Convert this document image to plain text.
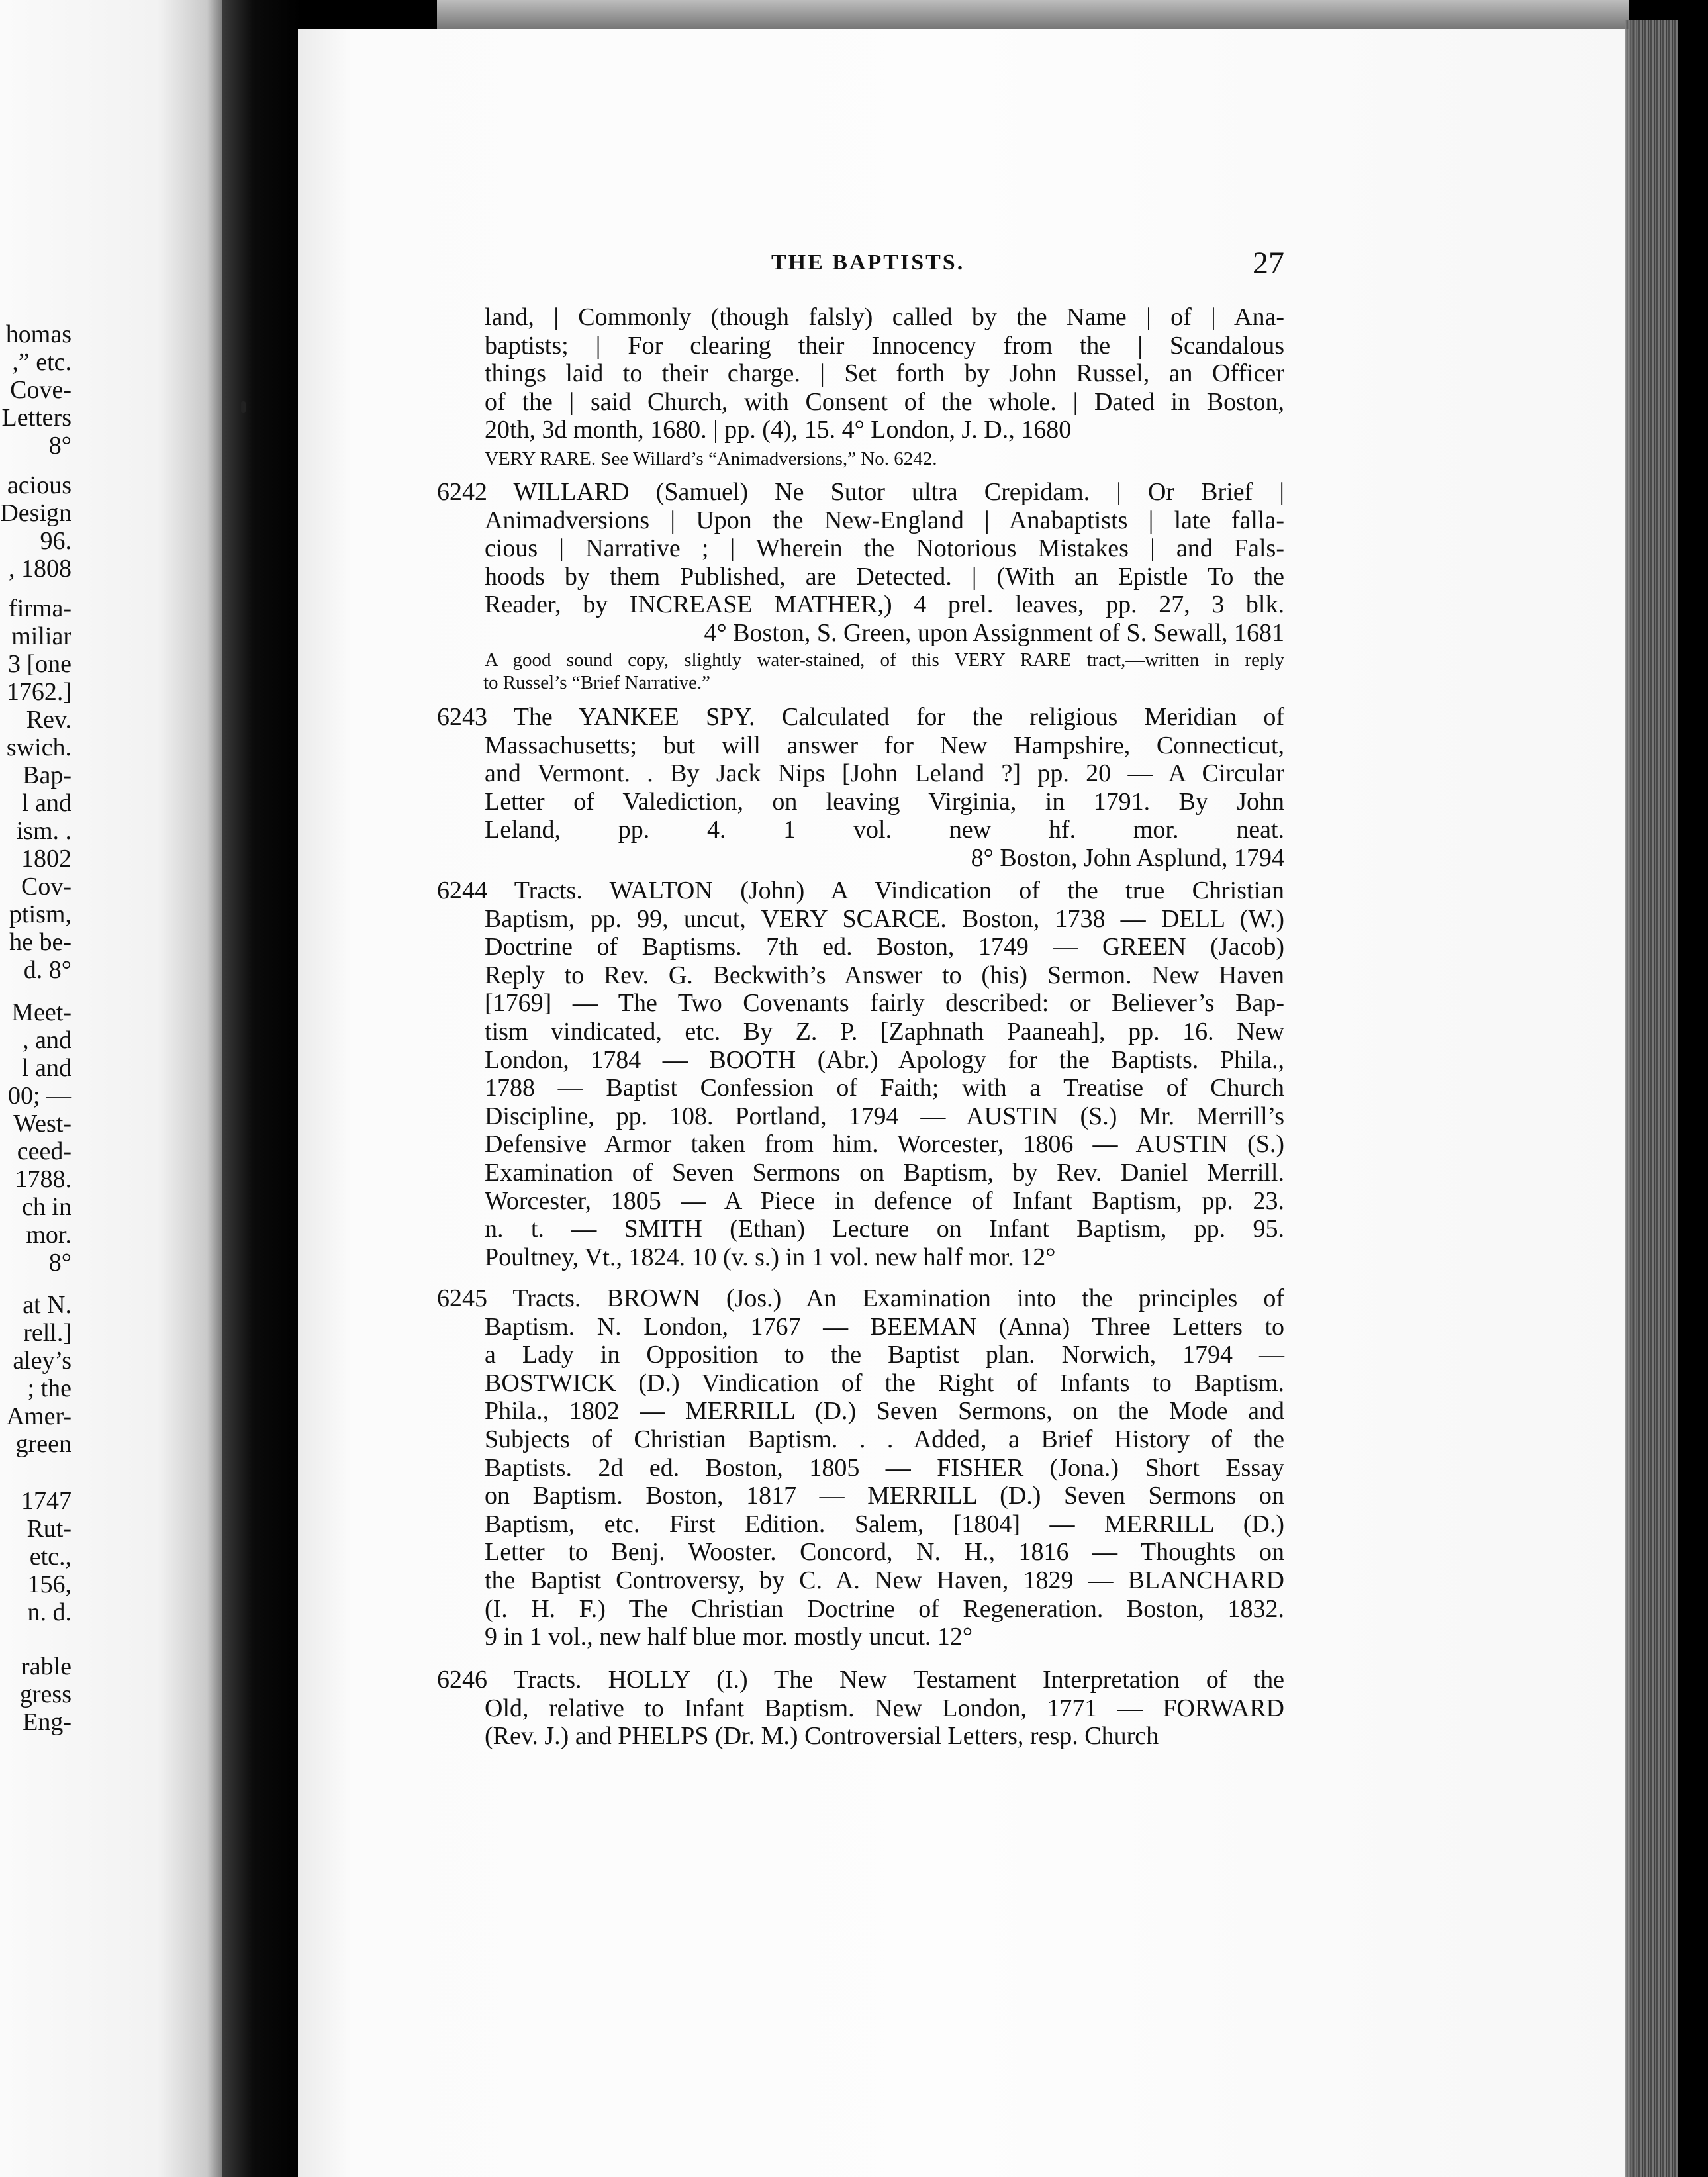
homas
,” etc.
Cove-
Letters
8°
acious
Design
96.
, 1808
firma-
miliar
3 [one
1762.]
Rev.
swich.
Bap-
l and
ism. .
1802
Cov-
ptism,
he be-
d. 8°
Meet-
, and
l and
00; —
West-
ceed-
1788.
ch in
mor.
8°
at N.
rell.]
aley’s
; the
Amer-
green
1747
Rut-
etc.,
156,
n. d.
rable
gress
Eng-
THE BAPTISTS.	27
land, | Commonly (though falsly) called by the Name | of | Ana-
baptists; | For clearing their Innocency from the | Scandalous
things laid to their charge. | Set forth by John Russel, an Officer
of the | said Church, with Consent of the whole. | Dated in Boston,
20th, 3d month, 1680. | pp. (4), 15. 4° London, J. D., 1680
VERY RARE. See Willard’s “Animadversions,” No. 6242.
6242 WILLARD (Samuel) Ne Sutor ultra Crepidam. | Or Brief |
Animadversions | Upon the New-England | Anabaptists | late falla-
cious | Narrative ; | Wherein the Notorious Mistakes | and Fals-
hoods by them Published, are Detected. | (With an Epistle To the
Reader, by INCREASE MATHER,) 4 prel. leaves, pp. 27, 3 blk.
4° Boston, S. Green, upon Assignment of S. Sewall, 1681
A good sound copy, slightly water-stained, of this VERY RARE tract,—written in reply
to Russel’s “Brief Narrative.”
6243 The YANKEE SPY. Calculated for the religious Meridian of
Massachusetts; but will answer for New Hampshire, Connecticut,
and Vermont. . By Jack Nips [John Leland ?] pp. 20 — A Circular
Letter of Valediction, on leaving Virginia, in 1791. By John
Leland, pp. 4. 1 vol. new hf. mor. neat.
8° Boston, John Asplund, 1794
6244 Tracts. WALTON (John) A Vindication of the true Christian
Baptism, pp. 99, uncut, VERY SCARCE. Boston, 1738 — DELL (W.)
Doctrine of Baptisms. 7th ed. Boston, 1749 — GREEN (Jacob)
Reply to Rev. G. Beckwith’s Answer to (his) Sermon. New Haven
[1769] — The Two Covenants fairly described: or Believer’s Bap-
tism vindicated, etc. By Z. P. [Zaphnath Paaneah], pp. 16. New
London, 1784 — BOOTH (Abr.) Apology for the Baptists. Phila.,
1788 — Baptist Confession of Faith; with a Treatise of Church
Discipline, pp. 108. Portland, 1794 — AUSTIN (S.) Mr. Merrill’s
Defensive Armor taken from him. Worcester, 1806 — AUSTIN (S.)
Examination of Seven Sermons on Baptism, by Rev. Daniel Merrill.
Worcester, 1805 — A Piece in defence of Infant Baptism, pp. 23.
n. t. — SMITH (Ethan) Lecture on Infant Baptism, pp. 95.
Poultney, Vt., 1824. 10 (v. s.) in 1 vol. new half mor. 12°
6245 Tracts. BROWN (Jos.) An Examination into the principles of
Baptism. N. London, 1767 — BEEMAN (Anna) Three Letters to
a Lady in Opposition to the Baptist plan. Norwich, 1794 —
BOSTWICK (D.) Vindication of the Right of Infants to Baptism.
Phila., 1802 — MERRILL (D.) Seven Sermons, on the Mode and
Subjects of Christian Baptism. . . Added, a Brief History of the
Baptists. 2d ed. Boston, 1805 — FISHER (Jona.) Short Essay
on Baptism. Boston, 1817 — MERRILL (D.) Seven Sermons on
Baptism, etc. First Edition. Salem, [1804] — MERRILL (D.)
Letter to Benj. Wooster. Concord, N. H., 1816 — Thoughts on
the Baptist Controversy, by C. A. New Haven, 1829 — BLANCHARD
(I. H. F.) The Christian Doctrine of Regeneration. Boston, 1832.
9 in 1 vol., new half blue mor. mostly uncut. 12°
6246 Tracts. HOLLY (I.) The New Testament Interpretation of the
Old, relative to Infant Baptism. New London, 1771 — FORWARD
(Rev. J.) and PHELPS (Dr. M.) Controversial Letters, resp. Church
